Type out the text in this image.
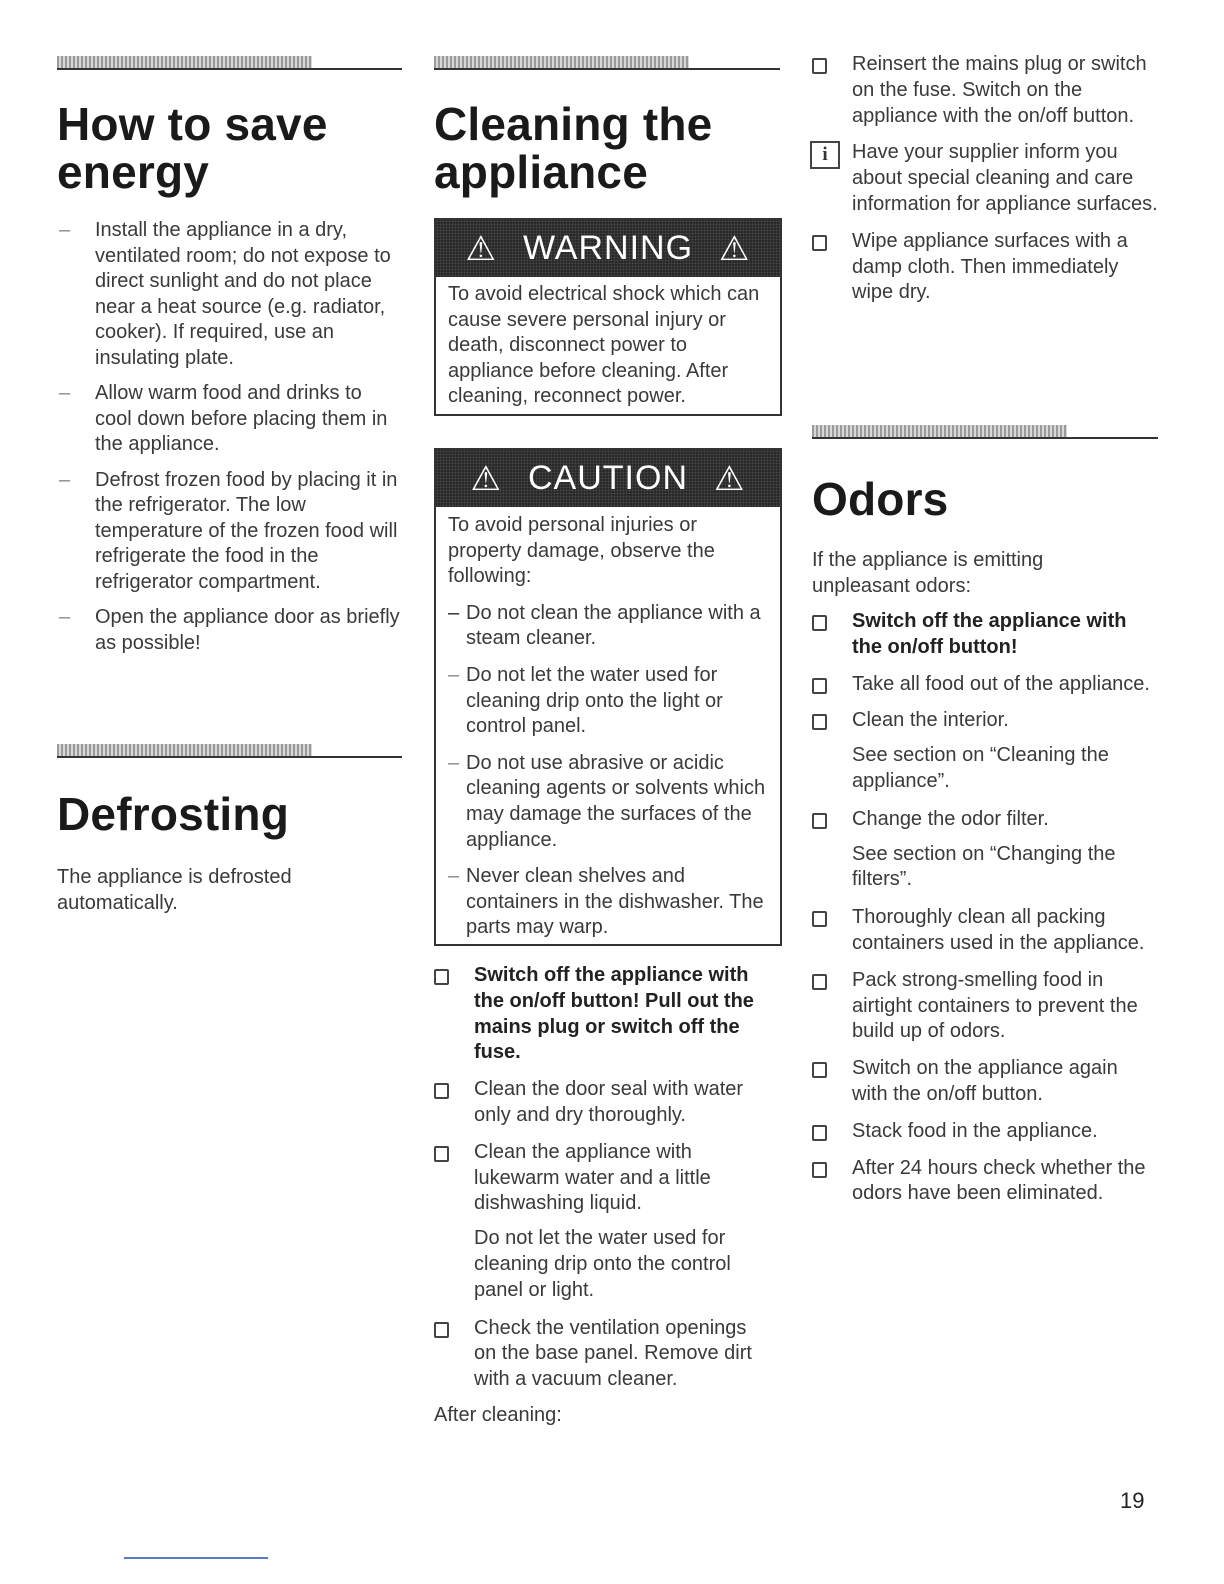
How to save energy
– Install the appliance in a dry, ventilated room; do not expose to direct sunlight and do not place near a heat source (e.g. radiator, cooker). If required, use an insulating plate.
– Allow warm food and drinks to cool down before placing them in the appliance.
– Defrost frozen food by placing it in the refrigerator. The low temperature of the frozen food will refrigerate the food in the refrigerator compartment.
– Open the appliance door as briefly as possible!
Defrosting

The appliance is defrosted automatically.

Cleaning the appliance
⚠ WARNING ⚠
To avoid electrical shock which can cause severe personal injury or death, disconnect power to appliance before cleaning. After cleaning, reconnect power.
⚠ CAUTION ⚠
To avoid personal injuries or property damage, observe the following:
– Do not clean the appliance with a steam cleaner.
– Do not let the water used for cleaning drip onto the light or control panel.
– Do not use abrasive or acidic cleaning agents or solvents which may damage the surfaces of the appliance.
– Never clean shelves and containers in the dishwasher. The parts may warp.
Switch off the appliance with the on/off button! Pull out the mains plug or switch off the fuse.
Clean the door seal with water only and dry thoroughly.
Clean the appliance with lukewarm water and a little dishwashing liquid.
Do not let the water used for cleaning drip onto the control panel or light.
Check the ventilation openings on the base panel. Remove dirt with a vacuum cleaner.

After cleaning:

Reinsert the mains plug or switch on the fuse. Switch on the appliance with the on/off button.
i	Have your supplier inform you about special cleaning and care information for appliance surfaces.
Wipe appliance surfaces with a damp cloth. Then immediately wipe dry.
Odors

If the appliance is emitting unpleasant odors:

Switch off the appliance with the on/off button!
Take all food out of the appliance.
Clean the interior.
See section on “Cleaning the appliance”.
Change the odor filter.
See section on “Changing the filters”.
Thoroughly clean all packing containers used in the appliance.
Pack strong-smelling food in airtight containers to prevent the build up of odors.
Switch on the appliance again with the on/off button.
Stack food in the appliance.
After 24 hours check whether the odors have been eliminated.
19
